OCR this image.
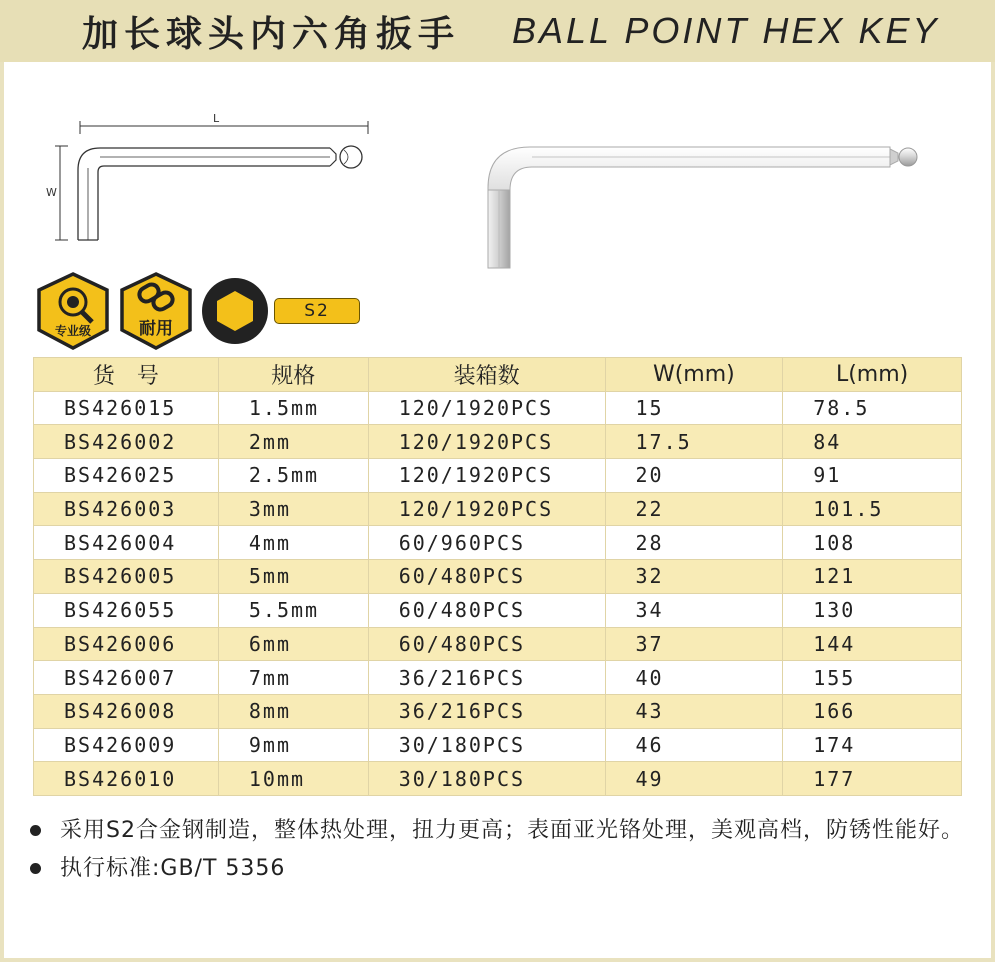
加长球头内六角扳手 BALL POINT HEX KEY
L
W
专业级	耐用
S2
货　号	规格	装箱数	W(mm)	L(mm)
BS426015	1.5mm	120/1920PCS	15	78.5
BS426002	2mm	120/1920PCS	17.5	84
BS426025	2.5mm	120/1920PCS	20	91
BS426003	3mm	120/1920PCS	22	101.5
BS426004	4mm	60/960PCS	28	108
BS426005	5mm	60/480PCS	32	121
BS426055	5.5mm	60/480PCS	34	130
BS426006	6mm	60/480PCS	37	144
BS426007	7mm	36/216PCS	40	155
BS426008	8mm	36/216PCS	43	166
BS426009	9mm	30/180PCS	46	174
BS426010	10mm	30/180PCS	49	177
采用S2合金钢制造，整体热处理，扭力更高；表面亚光铬处理，美观高档，防锈性能好。
执行标准:GB/T 5356
